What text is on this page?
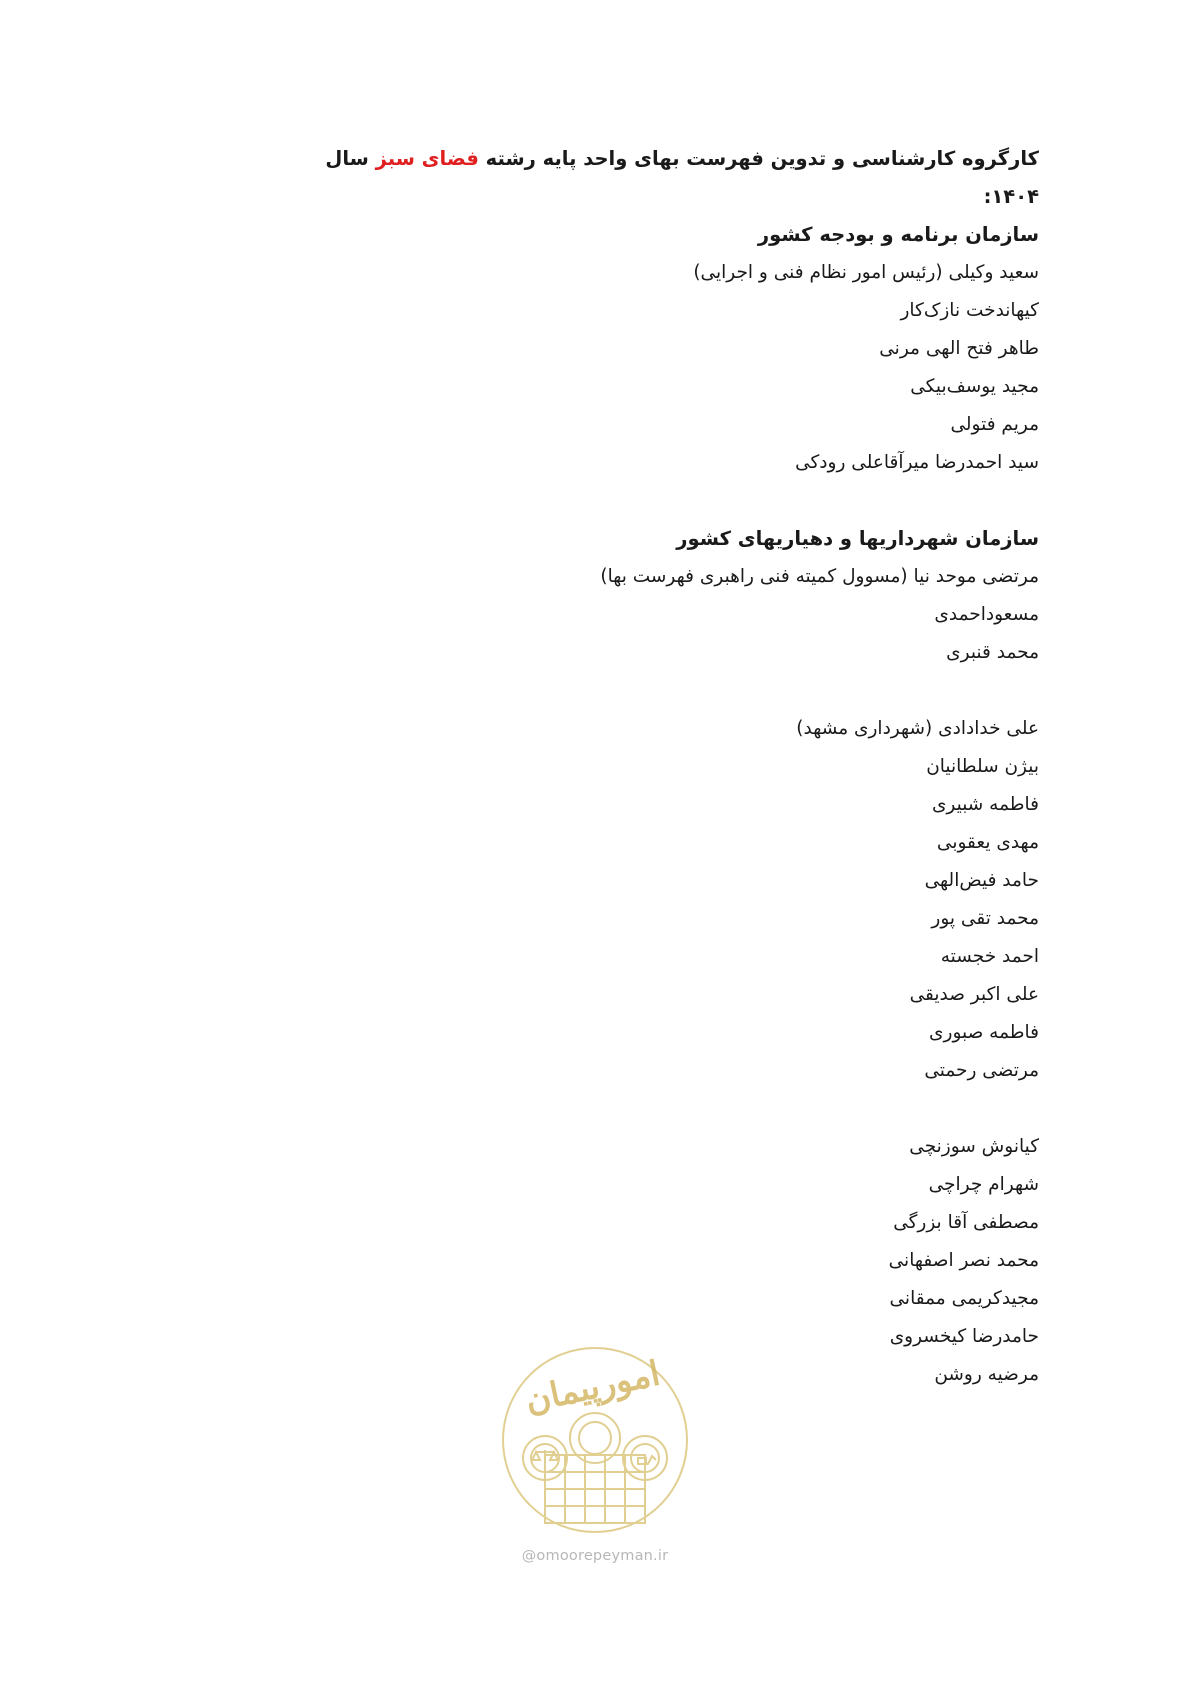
کارگروه کارشناسی و تدوین فهرست بهای واحد پایه رشته فضای سبز سال ۱۴۰۴:

سازمان برنامه و بودجه کشور

سعید وکیلی (رئیس امور نظام فنی و اجرایی)

کیهاندخت نازک‌کار

طاهر فتح الهی مرنی

مجید یوسف‌بیکی

مریم فتولی

سید احمدرضا میرآقاعلی رودکی

سازمان شهرداریها و دهیاریهای کشور

مرتضی موحد نیا (مسوول کمیته فنی راهبری فهرست بها)

مسعوداحمدی

محمد قنبری

علی خدادادی (شهرداری مشهد)

بیژن سلطانیان

فاطمه شبیری

مهدی یعقوبی

حامد فیض‌الهی

محمد تقی پور

احمد خجسته

علی اکبر صدیقی

فاطمه صبوری

مرتضی رحمتی

کیانوش سوزنچی

شهرام چراچی

مصطفی آقا بزرگی

محمد نصر اصفهانی

مجیدکریمی ممقانی

حامدرضا کیخسروی

مرضیه روشن

امورپیمان
@omoorepeyman.ir
